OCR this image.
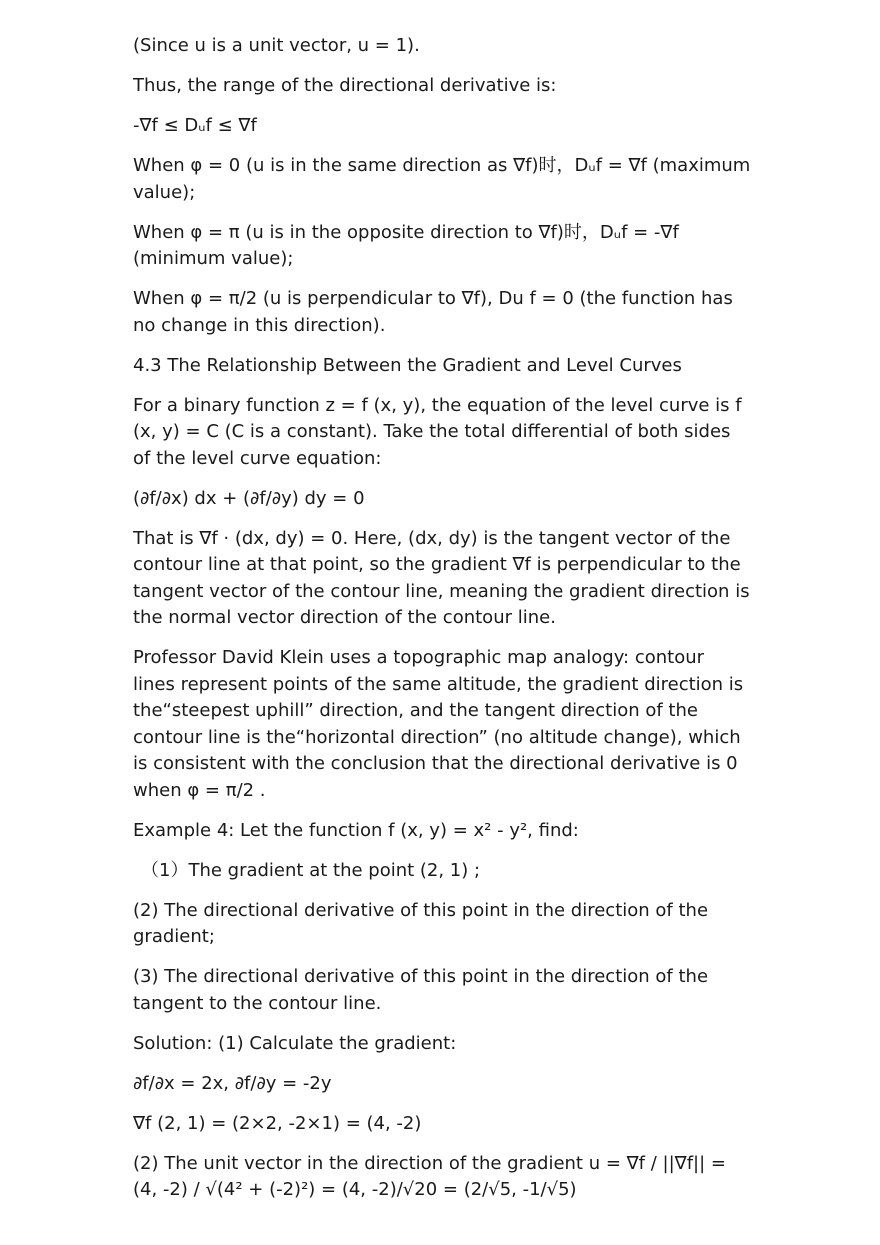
(Since u is a unit vector, u = 1).

Thus, the range of the directional derivative is:

-∇f ≤ Dᵤf ≤ ∇f

When φ = 0 (u is in the same direction as ∇f)时，Dᵤf = ∇f (maximum value);

When φ = π (u is in the opposite direction to ∇f)时，Dᵤf = -∇f (minimum value);

When φ = π/2 (u is perpendicular to ∇f), Du f = 0 (the function has no change in this direction).

4.3 The Relationship Between the Gradient and Level Curves

For a binary function z = f (x, y), the equation of the level curve is f (x, y) = C (C is a constant). Take the total differential of both sides of the level curve equation:

(∂f/∂x) dx + (∂f/∂y) dy = 0

That is ∇f · (dx, dy) = 0. Here, (dx, dy) is the tangent vector of the contour line at that point, so the gradient ∇f is perpendicular to the tangent vector of the contour line, meaning the gradient direction is the normal vector direction of the contour line.

Professor David Klein uses a topographic map analogy: contour lines represent points of the same altitude, the gradient direction is the“steepest uphill” direction, and the tangent direction of the contour line is the“horizontal direction” (no altitude change), which is consistent with the conclusion that the directional derivative is 0 when φ = π/2 .

Example 4: Let the function f (x, y) = x² - y², find:

（1）The gradient at the point (2, 1) ;

(2) The directional derivative of this point in the direction of the gradient;

(3) The directional derivative of this point in the direction of the tangent to the contour line.

Solution: (1) Calculate the gradient:

∂f/∂x = 2x, ∂f/∂y = -2y

∇f (2, 1) = (2×2, -2×1) = (4, -2)

(2) The unit vector in the direction of the gradient u = ∇f / ||∇f|| = (4, -2) / √(4² + (-2)²) = (4, -2)/√20 = (2/√5, -1/√5)
